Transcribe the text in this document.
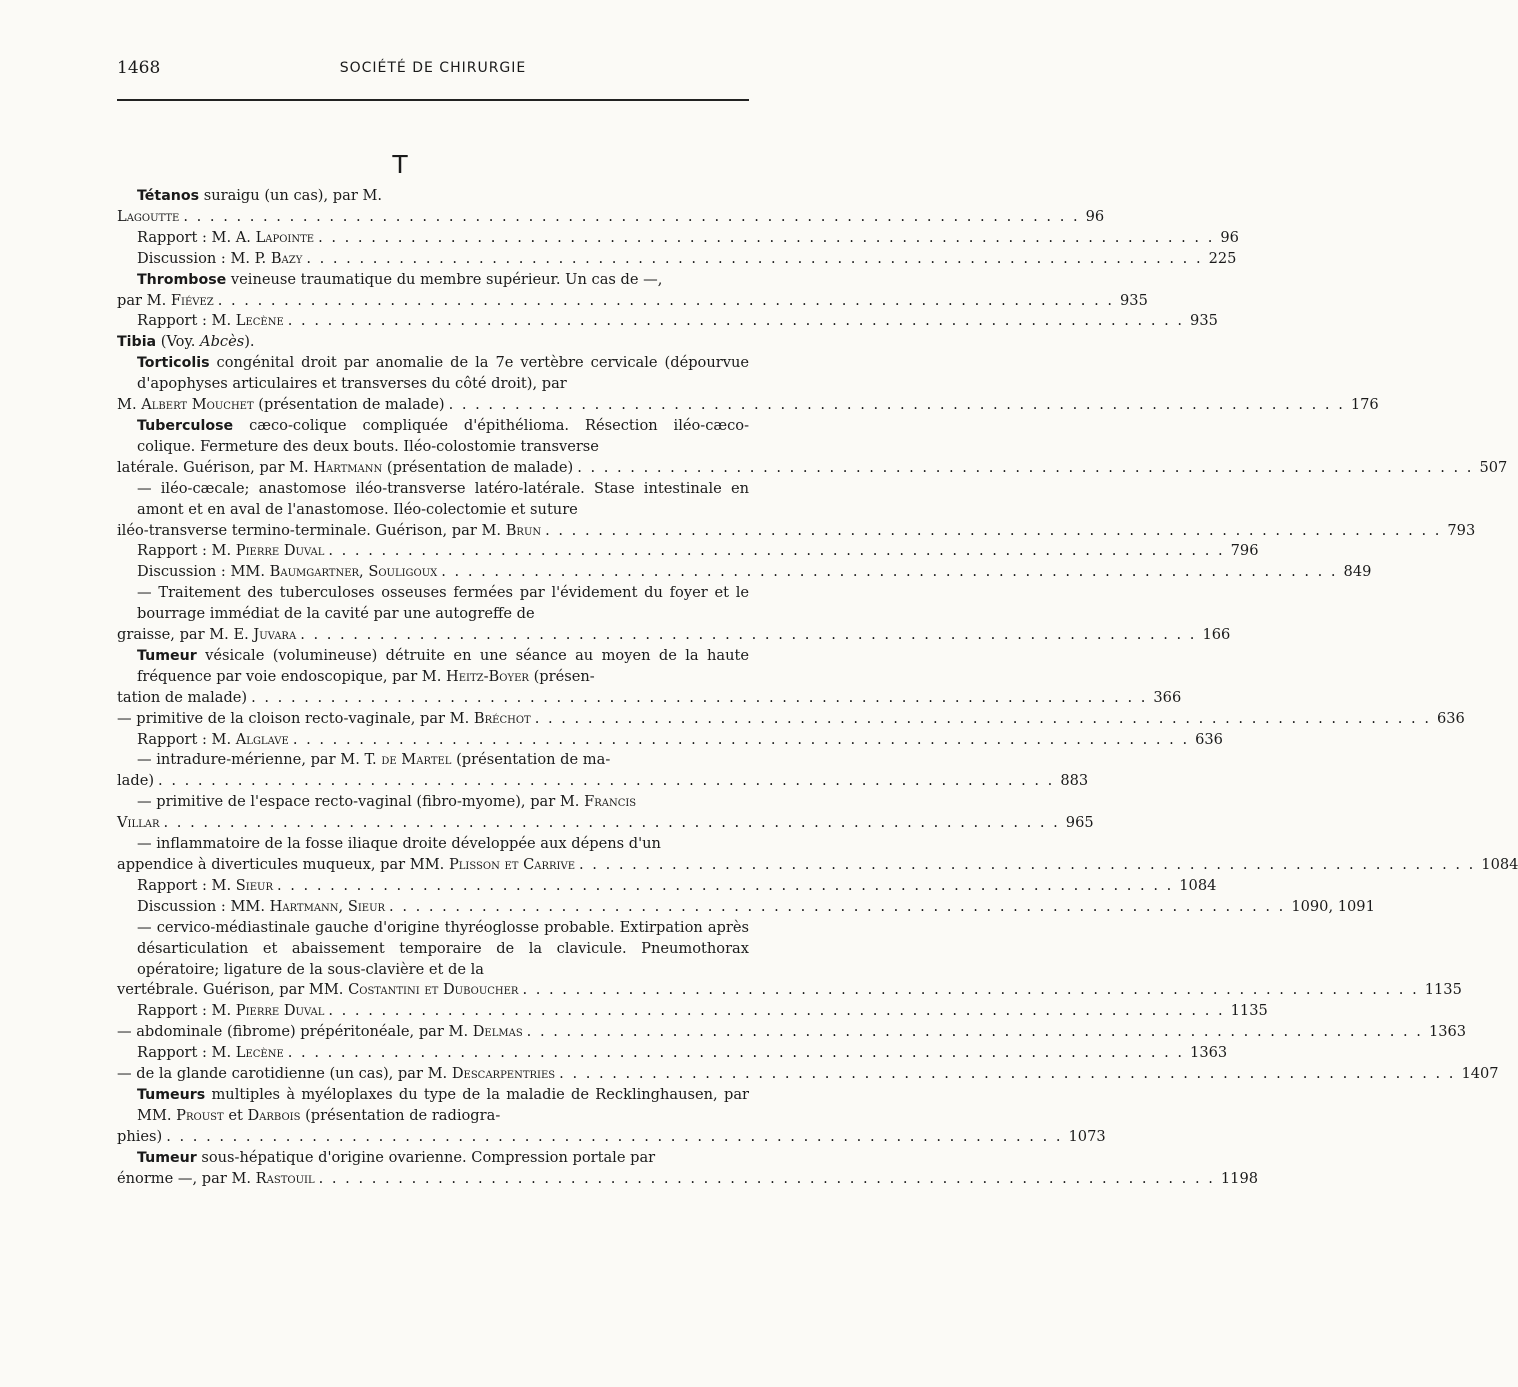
1468	SOCIÉTÉ DE CHIRURGIE
T
Tétanos suraigu (un cas), par M.
Lagoutte . . . . . . . . . . . . . . . . . . . . . . . . . . . . . . . . . . . . . . . . . . . . . . . . . . . . . . . . . . . . . . . . . . . . 96
Rapport : M. A. Lapointe . . . . . . . . . . . . . . . . . . . . . . . . . . . . . . . . . . . . . . . . . . . . . . . . . . . . . . . . . . . . . . . . . . . . 96
Discussion : M. P. Bazy . . . . . . . . . . . . . . . . . . . . . . . . . . . . . . . . . . . . . . . . . . . . . . . . . . . . . . . . . . . . . . . . . . . . 225
Thrombose veineuse traumatique du membre supérieur. Un cas de —,
par M. Fiévez . . . . . . . . . . . . . . . . . . . . . . . . . . . . . . . . . . . . . . . . . . . . . . . . . . . . . . . . . . . . . . . . . . . . 935
Rapport : M. Lecène . . . . . . . . . . . . . . . . . . . . . . . . . . . . . . . . . . . . . . . . . . . . . . . . . . . . . . . . . . . . . . . . . . . . 935
Tibia (Voy. Abcès).
Torticolis congénital droit par anomalie de la 7e vertèbre cervicale (dépourvue d'apophyses articulaires et transverses du côté droit), par
M. Albert Mouchet (présentation de malade) . . . . . . . . . . . . . . . . . . . . . . . . . . . . . . . . . . . . . . . . . . . . . . . . . . . . . . . . . . . . . . . . . . . . 176
Tuberculose cæco-colique compliquée d'épithélioma. Résection iléo-cæco-colique. Fermeture des deux bouts. Iléo-colostomie transverse
latérale. Guérison, par M. Hartmann (présentation de malade) . . . . . . . . . . . . . . . . . . . . . . . . . . . . . . . . . . . . . . . . . . . . . . . . . . . . . . . . . . . . . . . . . . . . 507
— iléo-cæcale; anastomose iléo-transverse latéro-latérale. Stase intestinale en amont et en aval de l'anastomose. Iléo-colectomie et suture
iléo-transverse termino-terminale. Guérison, par M. Brun . . . . . . . . . . . . . . . . . . . . . . . . . . . . . . . . . . . . . . . . . . . . . . . . . . . . . . . . . . . . . . . . . . . . 793
Rapport : M. Pierre Duval . . . . . . . . . . . . . . . . . . . . . . . . . . . . . . . . . . . . . . . . . . . . . . . . . . . . . . . . . . . . . . . . . . . . 796
Discussion : MM. Baumgartner, Souligoux . . . . . . . . . . . . . . . . . . . . . . . . . . . . . . . . . . . . . . . . . . . . . . . . . . . . . . . . . . . . . . . . . . . . 849
— Traitement des tuberculoses osseuses fermées par l'évidement du foyer et le bourrage immédiat de la cavité par une autogreffe de
graisse, par M. E. Juvara . . . . . . . . . . . . . . . . . . . . . . . . . . . . . . . . . . . . . . . . . . . . . . . . . . . . . . . . . . . . . . . . . . . . 166
Tumeur vésicale (volumineuse) détruite en une séance au moyen de la haute fréquence par voie endoscopique, par M. Heitz-Boyer (présen-
tation de malade) . . . . . . . . . . . . . . . . . . . . . . . . . . . . . . . . . . . . . . . . . . . . . . . . . . . . . . . . . . . . . . . . . . . . 366
— primitive de la cloison recto-vaginale, par M. Bréchot . . . . . . . . . . . . . . . . . . . . . . . . . . . . . . . . . . . . . . . . . . . . . . . . . . . . . . . . . . . . . . . . . . . . 636
Rapport : M. Alglave . . . . . . . . . . . . . . . . . . . . . . . . . . . . . . . . . . . . . . . . . . . . . . . . . . . . . . . . . . . . . . . . . . . . 636
— intradure-mérienne, par M. T. de Martel (présentation de ma-
lade) . . . . . . . . . . . . . . . . . . . . . . . . . . . . . . . . . . . . . . . . . . . . . . . . . . . . . . . . . . . . . . . . . . . . 883
— primitive de l'espace recto-vaginal (fibro-myome), par M. Francis
Villar . . . . . . . . . . . . . . . . . . . . . . . . . . . . . . . . . . . . . . . . . . . . . . . . . . . . . . . . . . . . . . . . . . . . 965
— inflammatoire de la fosse iliaque droite développée aux dépens d'un
appendice à diverticules muqueux, par MM. Plisson et Carrive . . . . . . . . . . . . . . . . . . . . . . . . . . . . . . . . . . . . . . . . . . . . . . . . . . . . . . . . . . . . . . . . . . . . 1084
Rapport : M. Sieur . . . . . . . . . . . . . . . . . . . . . . . . . . . . . . . . . . . . . . . . . . . . . . . . . . . . . . . . . . . . . . . . . . . . 1084
Discussion : MM. Hartmann, Sieur . . . . . . . . . . . . . . . . . . . . . . . . . . . . . . . . . . . . . . . . . . . . . . . . . . . . . . . . . . . . . . . . . . . . 1090, 1091
— cervico-médiastinale gauche d'origine thyréoglosse probable. Extirpation après désarticulation et abaissement temporaire de la clavicule. Pneumothorax opératoire; ligature de la sous-clavière et de la
vertébrale. Guérison, par MM. Costantini et Duboucher . . . . . . . . . . . . . . . . . . . . . . . . . . . . . . . . . . . . . . . . . . . . . . . . . . . . . . . . . . . . . . . . . . . . 1135
Rapport : M. Pierre Duval . . . . . . . . . . . . . . . . . . . . . . . . . . . . . . . . . . . . . . . . . . . . . . . . . . . . . . . . . . . . . . . . . . . . 1135
— abdominale (fibrome) prépéritonéale, par M. Delmas . . . . . . . . . . . . . . . . . . . . . . . . . . . . . . . . . . . . . . . . . . . . . . . . . . . . . . . . . . . . . . . . . . . . 1363
Rapport : M. Lecène . . . . . . . . . . . . . . . . . . . . . . . . . . . . . . . . . . . . . . . . . . . . . . . . . . . . . . . . . . . . . . . . . . . . 1363
— de la glande carotidienne (un cas), par M. Descarpentries . . . . . . . . . . . . . . . . . . . . . . . . . . . . . . . . . . . . . . . . . . . . . . . . . . . . . . . . . . . . . . . . . . . . 1407
Tumeurs multiples à myéloplaxes du type de la maladie de Recklinghausen, par MM. Proust et Darbois (présentation de radiogra-
phies) . . . . . . . . . . . . . . . . . . . . . . . . . . . . . . . . . . . . . . . . . . . . . . . . . . . . . . . . . . . . . . . . . . . . 1073
Tumeur sous-hépatique d'origine ovarienne. Compression portale par
énorme —, par M. Rastouil . . . . . . . . . . . . . . . . . . . . . . . . . . . . . . . . . . . . . . . . . . . . . . . . . . . . . . . . . . . . . . . . . . . . 1198
